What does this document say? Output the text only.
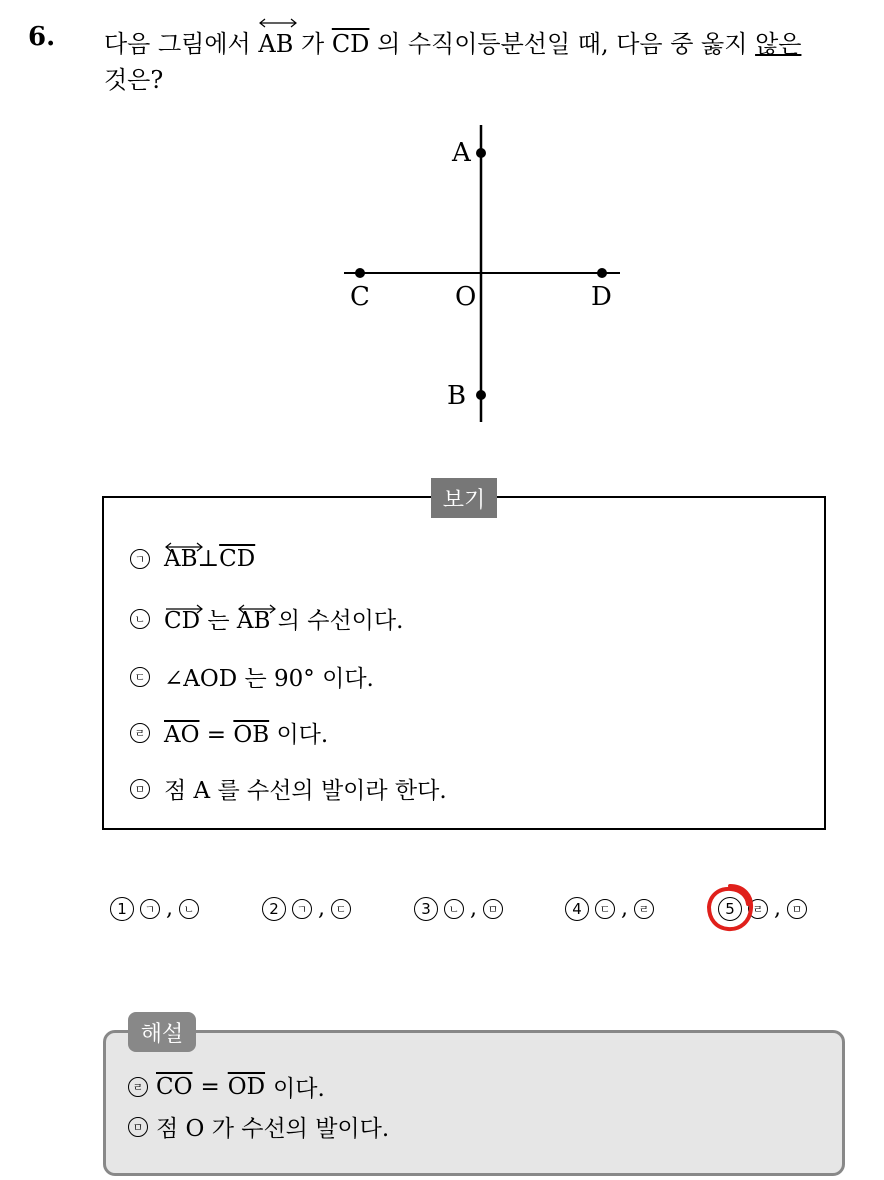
6. 다음 그림에서 AB 가 $\overline{CD}$ 의 수직이등분선일 때, 다음 중 옳지 않은
것은?
A
B
C	D
O
보기
ㄱ $AB\perp\overline{CD}$
ㄴ CD 는 AB 의 수선이다.
ㄷ ∠AOD 는 90° 이다.
ㄹ $\overline{AO} = \overline{OB}$ 이다.
ㅁ 점 A 를 수선의 발이라 한다.
1	ㄱ , ㄴ	2	ㄱ , ㄷ	3	ㄴ , ㅁ	4	ㄷ , ㄹ	5	ㄹ , ㅁ
해설
ㄹ $\overline{CO} = \overline{OD}$ 이다.
ㅁ 점 O 가 수선의 발이다.
